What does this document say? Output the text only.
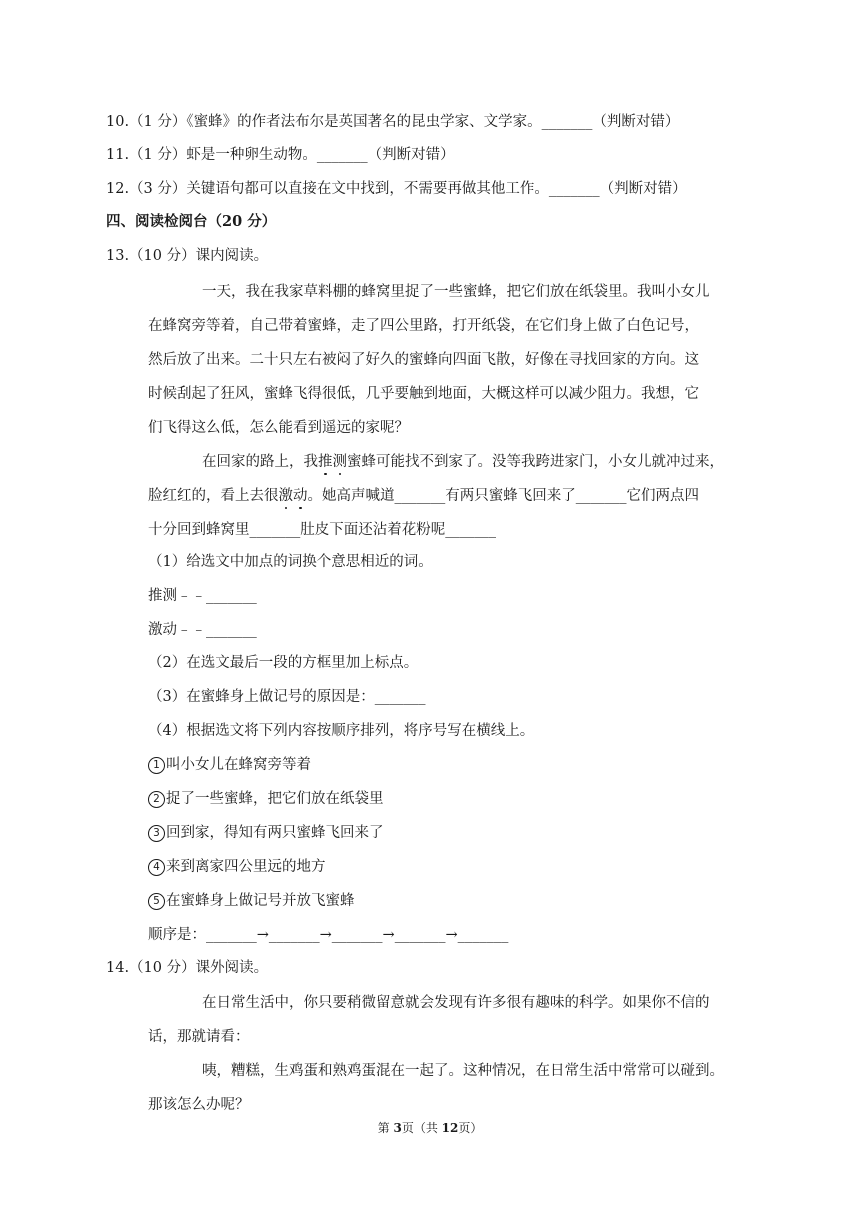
10.（1 分）《蜜蜂》的作者法布尔是英国著名的昆虫学家、文学家。_______（判断对错）
11.（1 分）虾是一种卵生动物。_______（判断对错）
12.（3 分）关键语句都可以直接在文中找到，不需要再做其他工作。_______（判断对错）
四、阅读检阅台（20 分）
13.（10 分）课内阅读。
一天，我在我家草料棚的蜂窝里捉了一些蜜蜂，把它们放在纸袋里。我叫小女儿
在蜂窝旁等着，自己带着蜜蜂，走了四公里路，打开纸袋，在它们身上做了白色记号，
然后放了出来。二十只左右被闷了好久的蜜蜂向四面飞散，好像在寻找回家的方向。这
时候刮起了狂风，蜜蜂飞得很低，几乎要触到地面，大概这样可以减少阻力。我想，它
们飞得这么低，怎么能看到遥远的家呢？
在回家的路上，我推测蜜蜂可能找不到家了。没等我跨进家门，小女儿就冲过来，
脸红红的，看上去很激动。她高声喊道_______有两只蜜蜂飞回来了_______它们两点四
十分回到蜂窝里_______肚皮下面还沾着花粉呢_______
（1）给选文中加点的词换个意思相近的词。
推测﹣﹣_______
激动﹣﹣_______
（2）在选文最后一段的方框里加上标点。
（3）在蜜蜂身上做记号的原因是：_______
（4）根据选文将下列内容按顺序排列，将序号写在横线上。
1 叫小女儿在蜂窝旁等着
2 捉了一些蜜蜂，把它们放在纸袋里
3 回到家，得知有两只蜜蜂飞回来了
4 来到离家四公里远的地方
5 在蜜蜂身上做记号并放飞蜜蜂
顺序是：_______→_______→_______→_______→_______
14.（10 分）课外阅读。
在日常生活中，你只要稍微留意就会发现有许多很有趣味的科学。如果你不信的
话，那就请看：
咦，糟糕，生鸡蛋和熟鸡蛋混在一起了。这种情况，在日常生活中常常可以碰到。
那该怎么办呢？
第 3页（共 12页）
